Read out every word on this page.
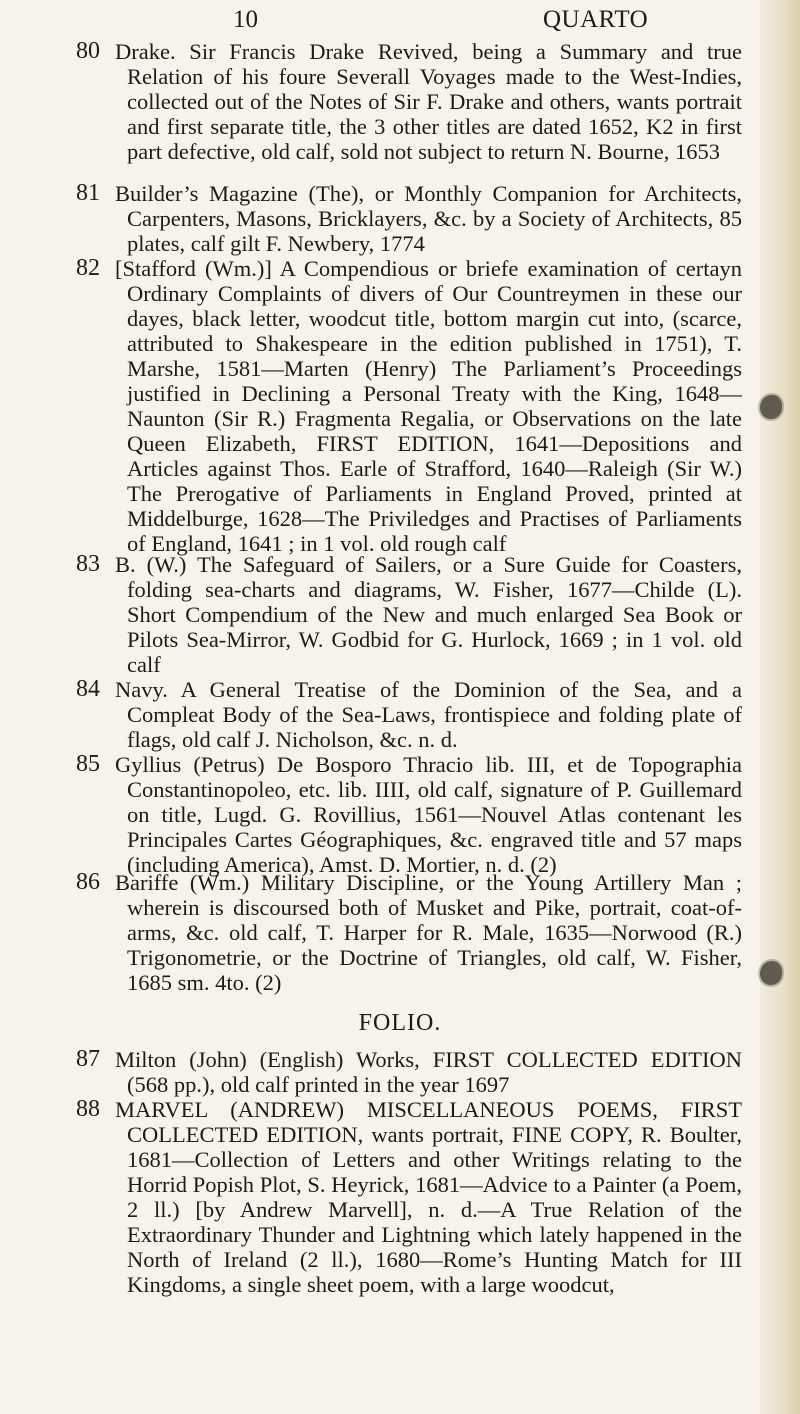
10	QUARTO
80 Drake. Sir Francis Drake Revived, being a Summary and true Relation of his foure Severall Voyages made to the West-Indies, collected out of the Notes of Sir F. Drake and others, wants portrait and first separate title, the 3 other titles are dated 1652, K2 in first part defective, old calf, sold not subject to return N. Bourne, 1653

81 Builder’s Magazine (The), or Monthly Companion for Architects, Carpenters, Masons, Bricklayers, &c. by a Society of Architects, 85 plates, calf gilt F. Newbery, 1774

82 [Stafford (Wm.)] A Compendious or briefe examination of certayn Ordinary Complaints of divers of Our Countreymen in these our dayes, black letter, woodcut title, bottom margin cut into, (scarce, attributed to Shakespeare in the edition published in 1751), T. Marshe, 1581—Marten (Henry) The Parliament’s Proceedings justified in Declining a Personal Treaty with the King, 1648—Naunton (Sir R.) Fragmenta Regalia, or Observations on the late Queen Elizabeth, FIRST EDITION, 1641—Depositions and Articles against Thos. Earle of Strafford, 1640—Raleigh (Sir W.) The Prerogative of Parliaments in England Proved, printed at Middelburge, 1628—The Priviledges and Practises of Parliaments of England, 1641 ; in 1 vol. old rough calf

83 B. (W.) The Safeguard of Sailers, or a Sure Guide for Coasters, folding sea-charts and diagrams, W. Fisher, 1677—Childe (L). Short Compendium of the New and much enlarged Sea Book or Pilots Sea-Mirror, W. Godbid for G. Hurlock, 1669 ; in 1 vol. old calf

84 Navy. A General Treatise of the Dominion of the Sea, and a Compleat Body of the Sea-Laws, frontispiece and folding plate of flags, old calf J. Nicholson, &c. n. d.

85 Gyllius (Petrus) De Bosporo Thracio lib. III, et de Topographia Constantinopoleo, etc. lib. IIII, old calf, signature of P. Guillemard on title, Lugd. G. Rovillius, 1561—Nouvel Atlas contenant les Principales Cartes Géographiques, &c. engraved title and 57 maps (including America), Amst. D. Mortier, n. d. (2)

86 Bariffe (Wm.) Military Discipline, or the Young Artillery Man ; wherein is discoursed both of Musket and Pike, portrait, coat-of-arms, &c. old calf, T. Harper for R. Male, 1635—Norwood (R.) Trigonometrie, or the Doctrine of Triangles, old calf, W. Fisher, 1685 sm. 4to. (2)

FOLIO.
87 Milton (John) (English) Works, FIRST COLLECTED EDITION (568 pp.), old calf printed in the year 1697

88 MARVEL (ANDREW) MISCELLANEOUS POEMS, FIRST COLLECTED EDITION, wants portrait, FINE COPY, R. Boulter, 1681—Collection of Letters and other Writings relating to the Horrid Popish Plot, S. Heyrick, 1681—Advice to a Painter (a Poem, 2 ll.) [by Andrew Marvell], n. d.—A True Relation of the Extraordinary Thunder and Lightning which lately happened in the North of Ireland (2 ll.), 1680—Rome’s Hunting Match for III Kingdoms, a single sheet poem, with a large woodcut,
